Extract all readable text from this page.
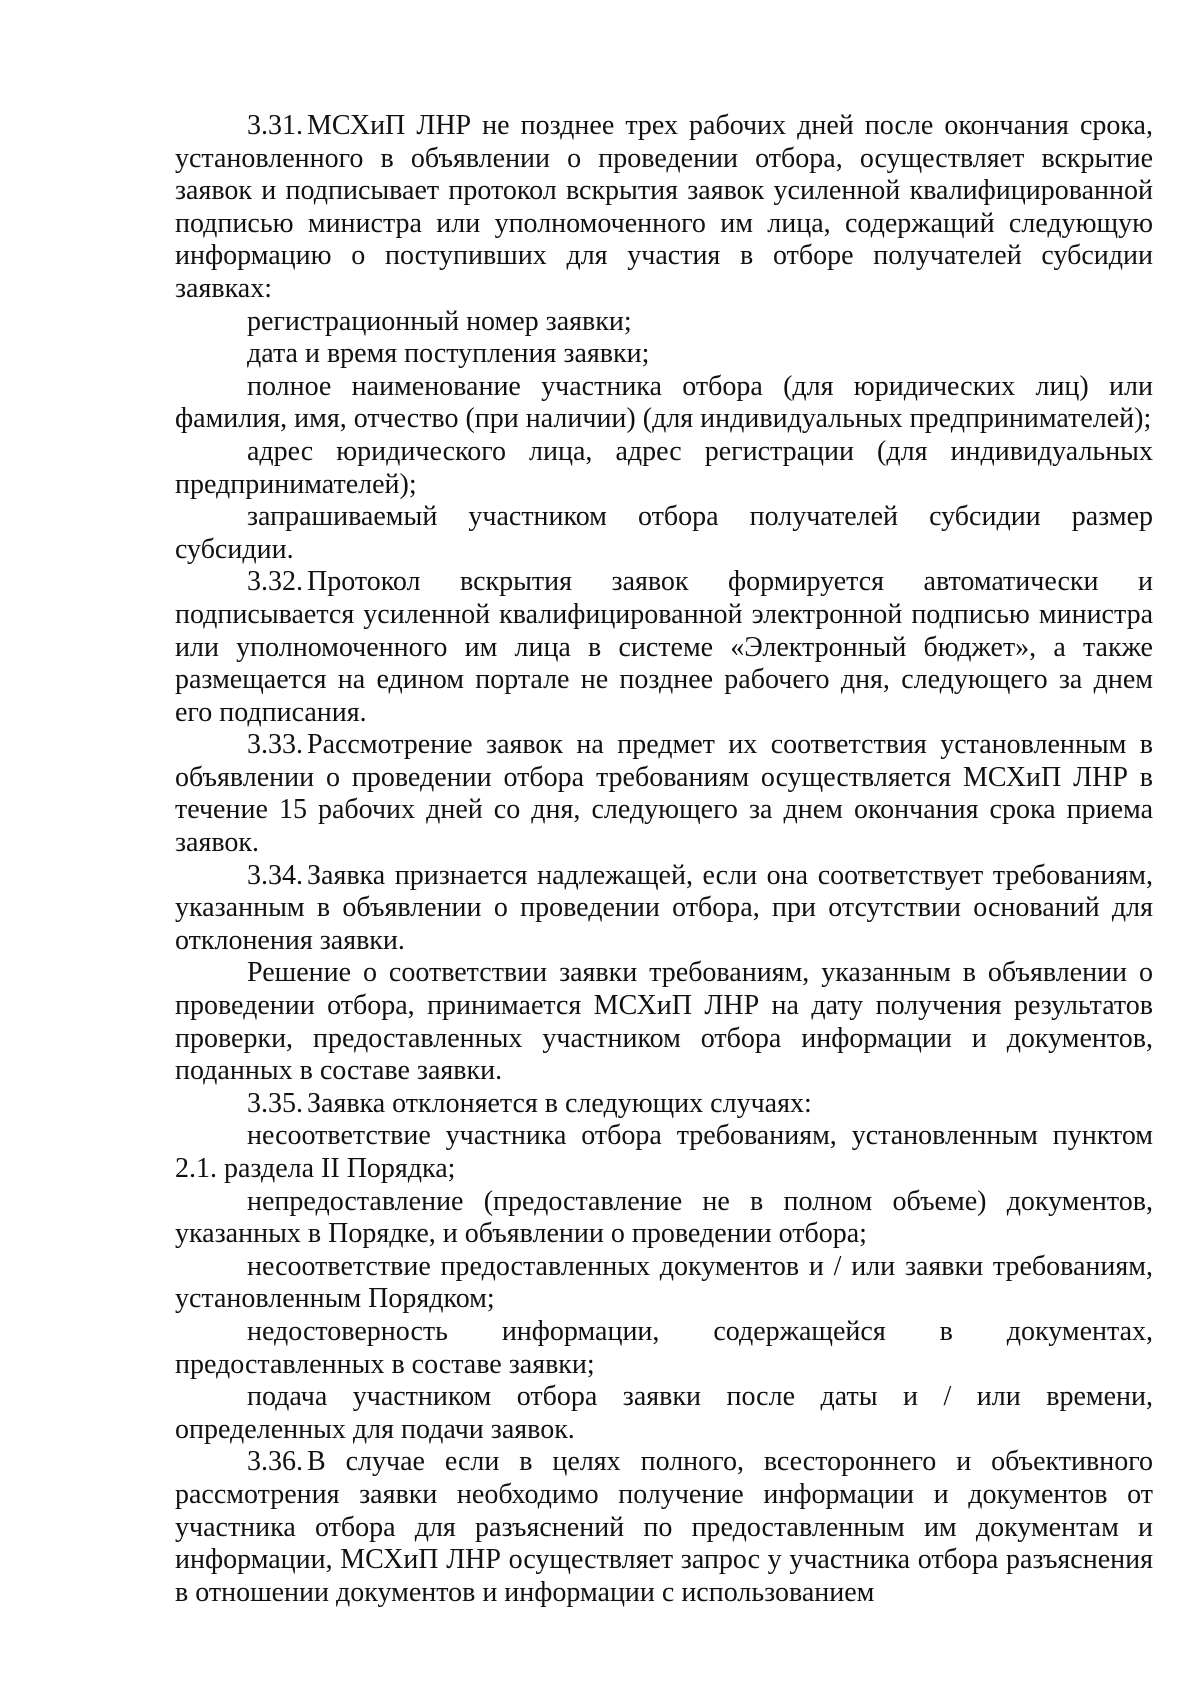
3.31. МСХиП ЛНР не позднее трех рабочих дней после окончания срока, установленного в объявлении о проведении отбора, осуществляет вскрытие заявок и подписывает протокол вскрытия заявок усиленной квалифицированной подписью министра или уполномоченного им лица, содержащий следующую информацию о поступивших для участия в отборе получателей субсидии заявках:

регистрационный номер заявки;

дата и время поступления заявки;

полное наименование участника отбора (для юридических лиц) или фамилия, имя, отчество (при наличии) (для индивидуальных предпринимателей);

адрес юридического лица, адрес регистрации (для индивидуальных предпринимателей);

запрашиваемый участником отбора получателей субсидии размер субсидии.

3.32. Протокол вскрытия заявок формируется автоматически и подписывается усиленной квалифицированной электронной подписью министра или уполномоченного им лица в системе «Электронный бюджет», а также размещается на едином портале не позднее рабочего дня, следующего за днем его подписания.

3.33. Рассмотрение заявок на предмет их соответствия установленным в объявлении о проведении отбора требованиям осуществляется МСХиП ЛНР в течение 15 рабочих дней со дня, следующего за днем окончания срока приема заявок.

3.34. Заявка признается надлежащей, если она соответствует требованиям, указанным в объявлении о проведении отбора, при отсутствии оснований для отклонения заявки.

Решение о соответствии заявки требованиям, указанным в объявлении о проведении отбора, принимается МСХиП ЛНР на дату получения результатов проверки, предоставленных участником отбора информации и документов, поданных в составе заявки.

3.35. Заявка отклоняется в следующих случаях:

несоответствие участника отбора требованиям, установленным пунктом 2.1. раздела II Порядка;

непредоставление (предоставление не в полном объеме) документов, указанных в Порядке, и объявлении о проведении отбора;

несоответствие предоставленных документов и / или заявки требованиям, установленным Порядком;

недостоверность информации, содержащейся в документах, предоставленных в составе заявки;

подача участником отбора заявки после даты и / или времени, определенных для подачи заявок.

3.36. В случае если в целях полного, всестороннего и объективного рассмотрения заявки необходимо получение информации и документов от участника отбора для разъяснений по предоставленным им документам и информации, МСХиП ЛНР осуществляет запрос у участника отбора разъяснения в отношении документов и информации с использованием
